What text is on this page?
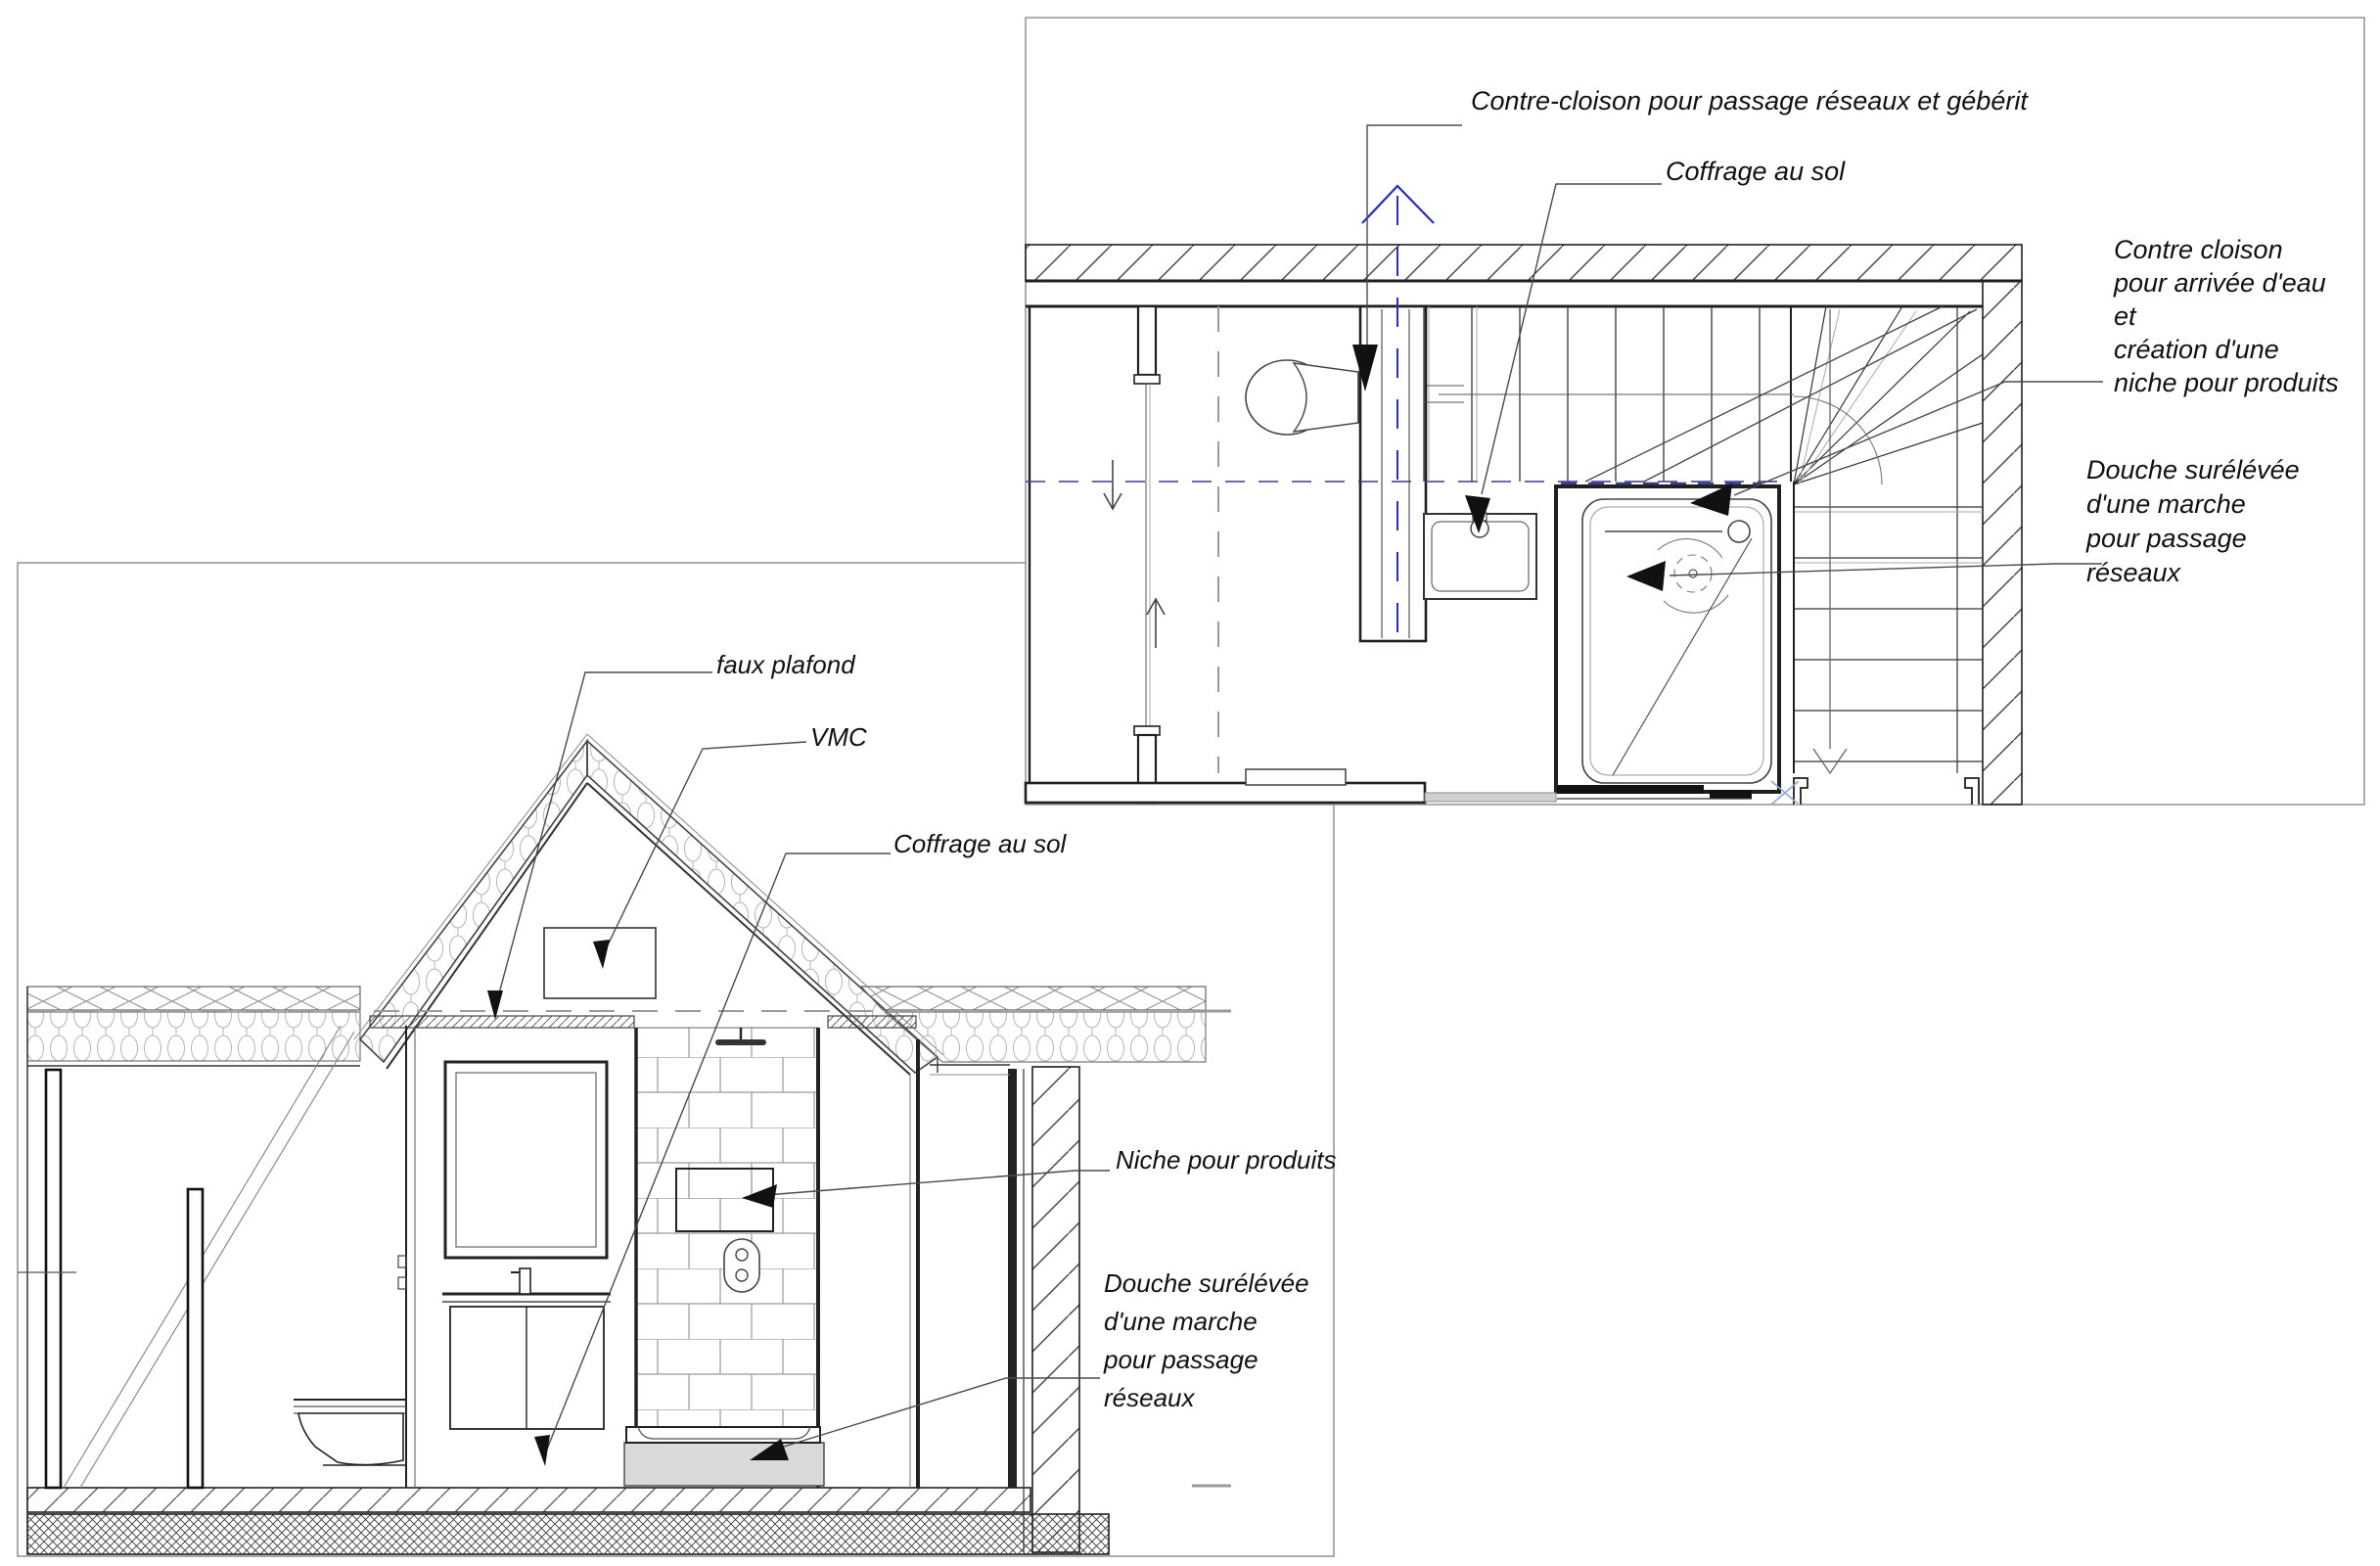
Contre-cloison pour passage réseaux et gébérit
Coffrage au sol
Contre cloison
pour arrivée d'eau
et
création d'une
niche pour produits
Douche surélévée
d'une marche
pour passage
réseaux
faux plafond
VMC
Coffrage au sol
Niche pour produits
Douche surélévée
d'une marche
pour passage
réseaux
